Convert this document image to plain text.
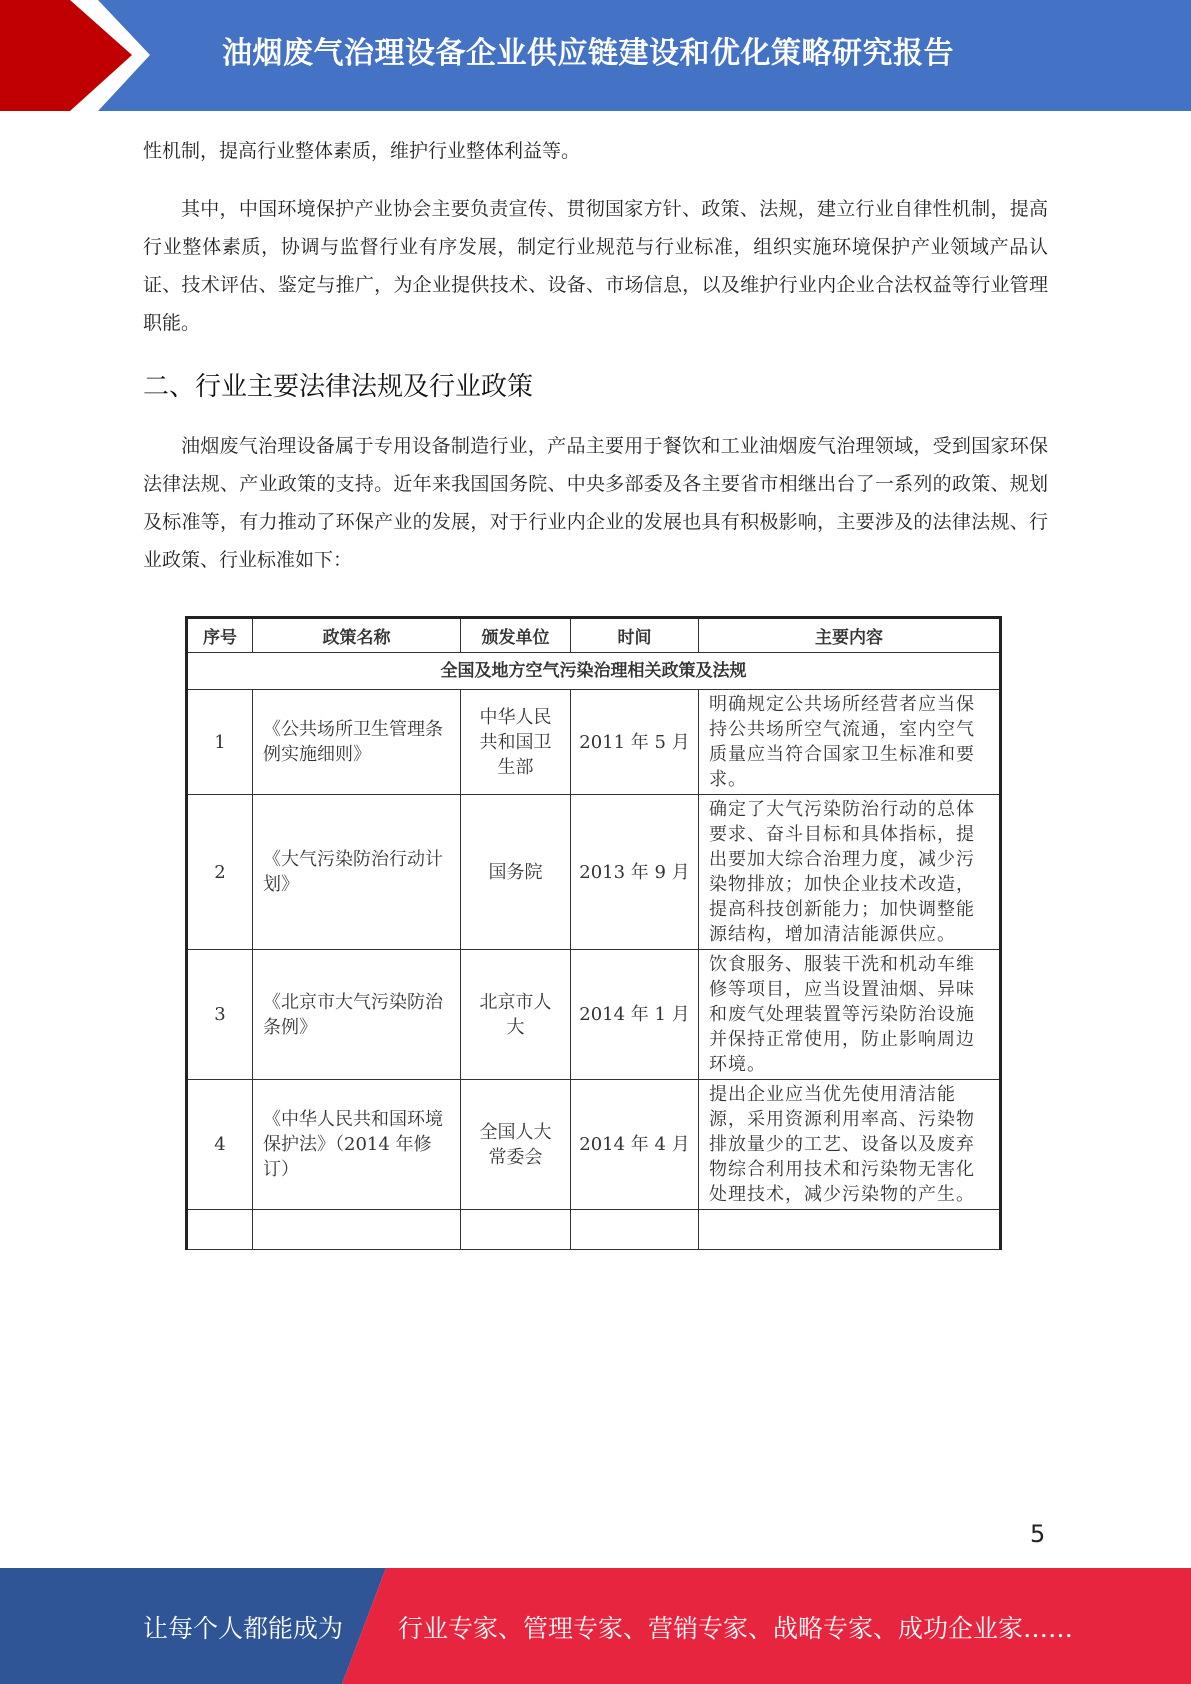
油烟废气治理设备企业供应链建设和优化策略研究报告

性机制，提高行业整体素质，维护行业整体利益等。

其中，中国环境保护产业协会主要负责宣传、贯彻国家方针、政策、法规，建立行业自律性机制，提高行业整体素质，协调与监督行业有序发展，制定行业规范与行业标准，组织实施环境保护产业领域产品认证、技术评估、鉴定与推广，为企业提供技术、设备、市场信息，以及维护行业内企业合法权益等行业管理职能。

二、行业主要法律法规及行业政策

油烟废气治理设备属于专用设备制造行业，产品主要用于餐饮和工业油烟废气治理领域，受到国家环保法律法规、产业政策的支持。近年来我国国务院、中央多部委及各主要省市相继出台了一系列的政策、规划及标准等，有力推动了环保产业的发展，对于行业内企业的发展也具有积极影响，主要涉及的法律法规、行业政策、行业标准如下：

序号	政策名称	颁发单位	时间	主要内容
全国及地方空气污染治理相关政策及法规				
1	《公共场所卫生管理条例实施细则》	中华人民共和国卫生部	2011 年 5 月	明确规定公共场所经营者应当保持公共场所空气流通，室内空气质量应当符合国家卫生标准和要求。
2	《大气污染防治行动计划》	国务院	2013 年 9 月	确定了大气污染防治行动的总体要求、奋斗目标和具体指标，提出要加大综合治理力度，减少污染物排放；加快企业技术改造，提高科技创新能力；加快调整能源结构，增加清洁能源供应。
3	《北京市大气污染防治条例》	北京市人大	2014 年 1 月	饮食服务、服装干洗和机动车维修等项目，应当设置油烟、异味和废气处理装置等污染防治设施并保持正常使用，防止影响周边环境。
4	《中华人民共和国环境保护法》（2014 年修订）	全国人大常委会	2014 年 4 月	提出企业应当优先使用清洁能源，采用资源利用率高、污染物排放量少的工艺、设备以及废弃物综合利用技术和污染物无害化处理技术，减少污染物的产生。

5
让每个人都能成为 行业专家、管理专家、营销专家、战略专家、成功企业家……
